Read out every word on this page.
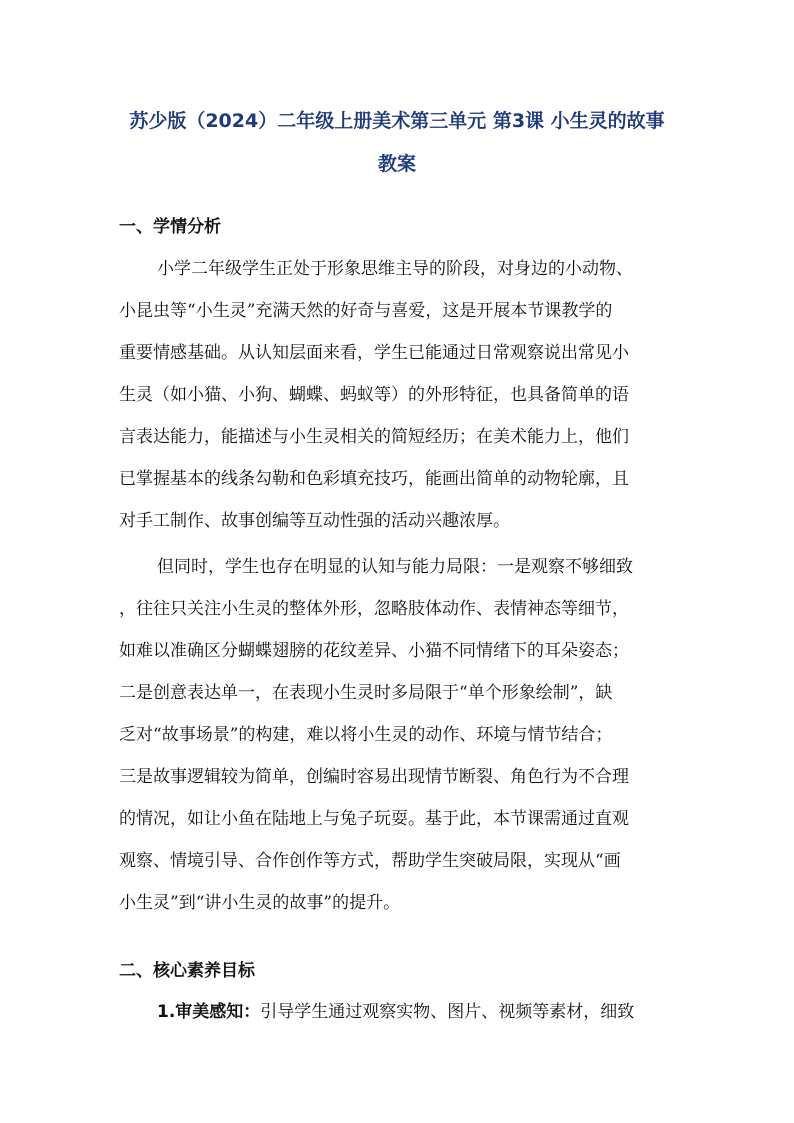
苏少版（2024）二年级上册美术第三单元 第3课 小生灵的故事
教案
一、学情分析
小学二年级学生正处于形象思维主导的阶段，对身边的小动物、
小昆虫等“小生灵”充满天然的好奇与喜爱，这是开展本节课教学的
重要情感基础。从认知层面来看，学生已能通过日常观察说出常见小
生灵（如小猫、小狗、蝴蝶、蚂蚁等）的外形特征，也具备简单的语
言表达能力，能描述与小生灵相关的简短经历；在美术能力上，他们
已掌握基本的线条勾勒和色彩填充技巧，能画出简单的动物轮廓，且
对手工制作、故事创编等互动性强的活动兴趣浓厚。
但同时，学生也存在明显的认知与能力局限：一是观察不够细致
，往往只关注小生灵的整体外形，忽略肢体动作、表情神态等细节，
如难以准确区分蝴蝶翅膀的花纹差异、小猫不同情绪下的耳朵姿态；
二是创意表达单一，在表现小生灵时多局限于“单个形象绘制”，缺
乏对“故事场景”的构建，难以将小生灵的动作、环境与情节结合；
三是故事逻辑较为简单，创编时容易出现情节断裂、角色行为不合理
的情况，如让小鱼在陆地上与兔子玩耍。基于此，本节课需通过直观
观察、情境引导、合作创作等方式，帮助学生突破局限，实现从“画
小生灵”到“讲小生灵的故事”的提升。
二、核心素养目标
1.审美感知：引导学生通过观察实物、图片、视频等素材，细致
